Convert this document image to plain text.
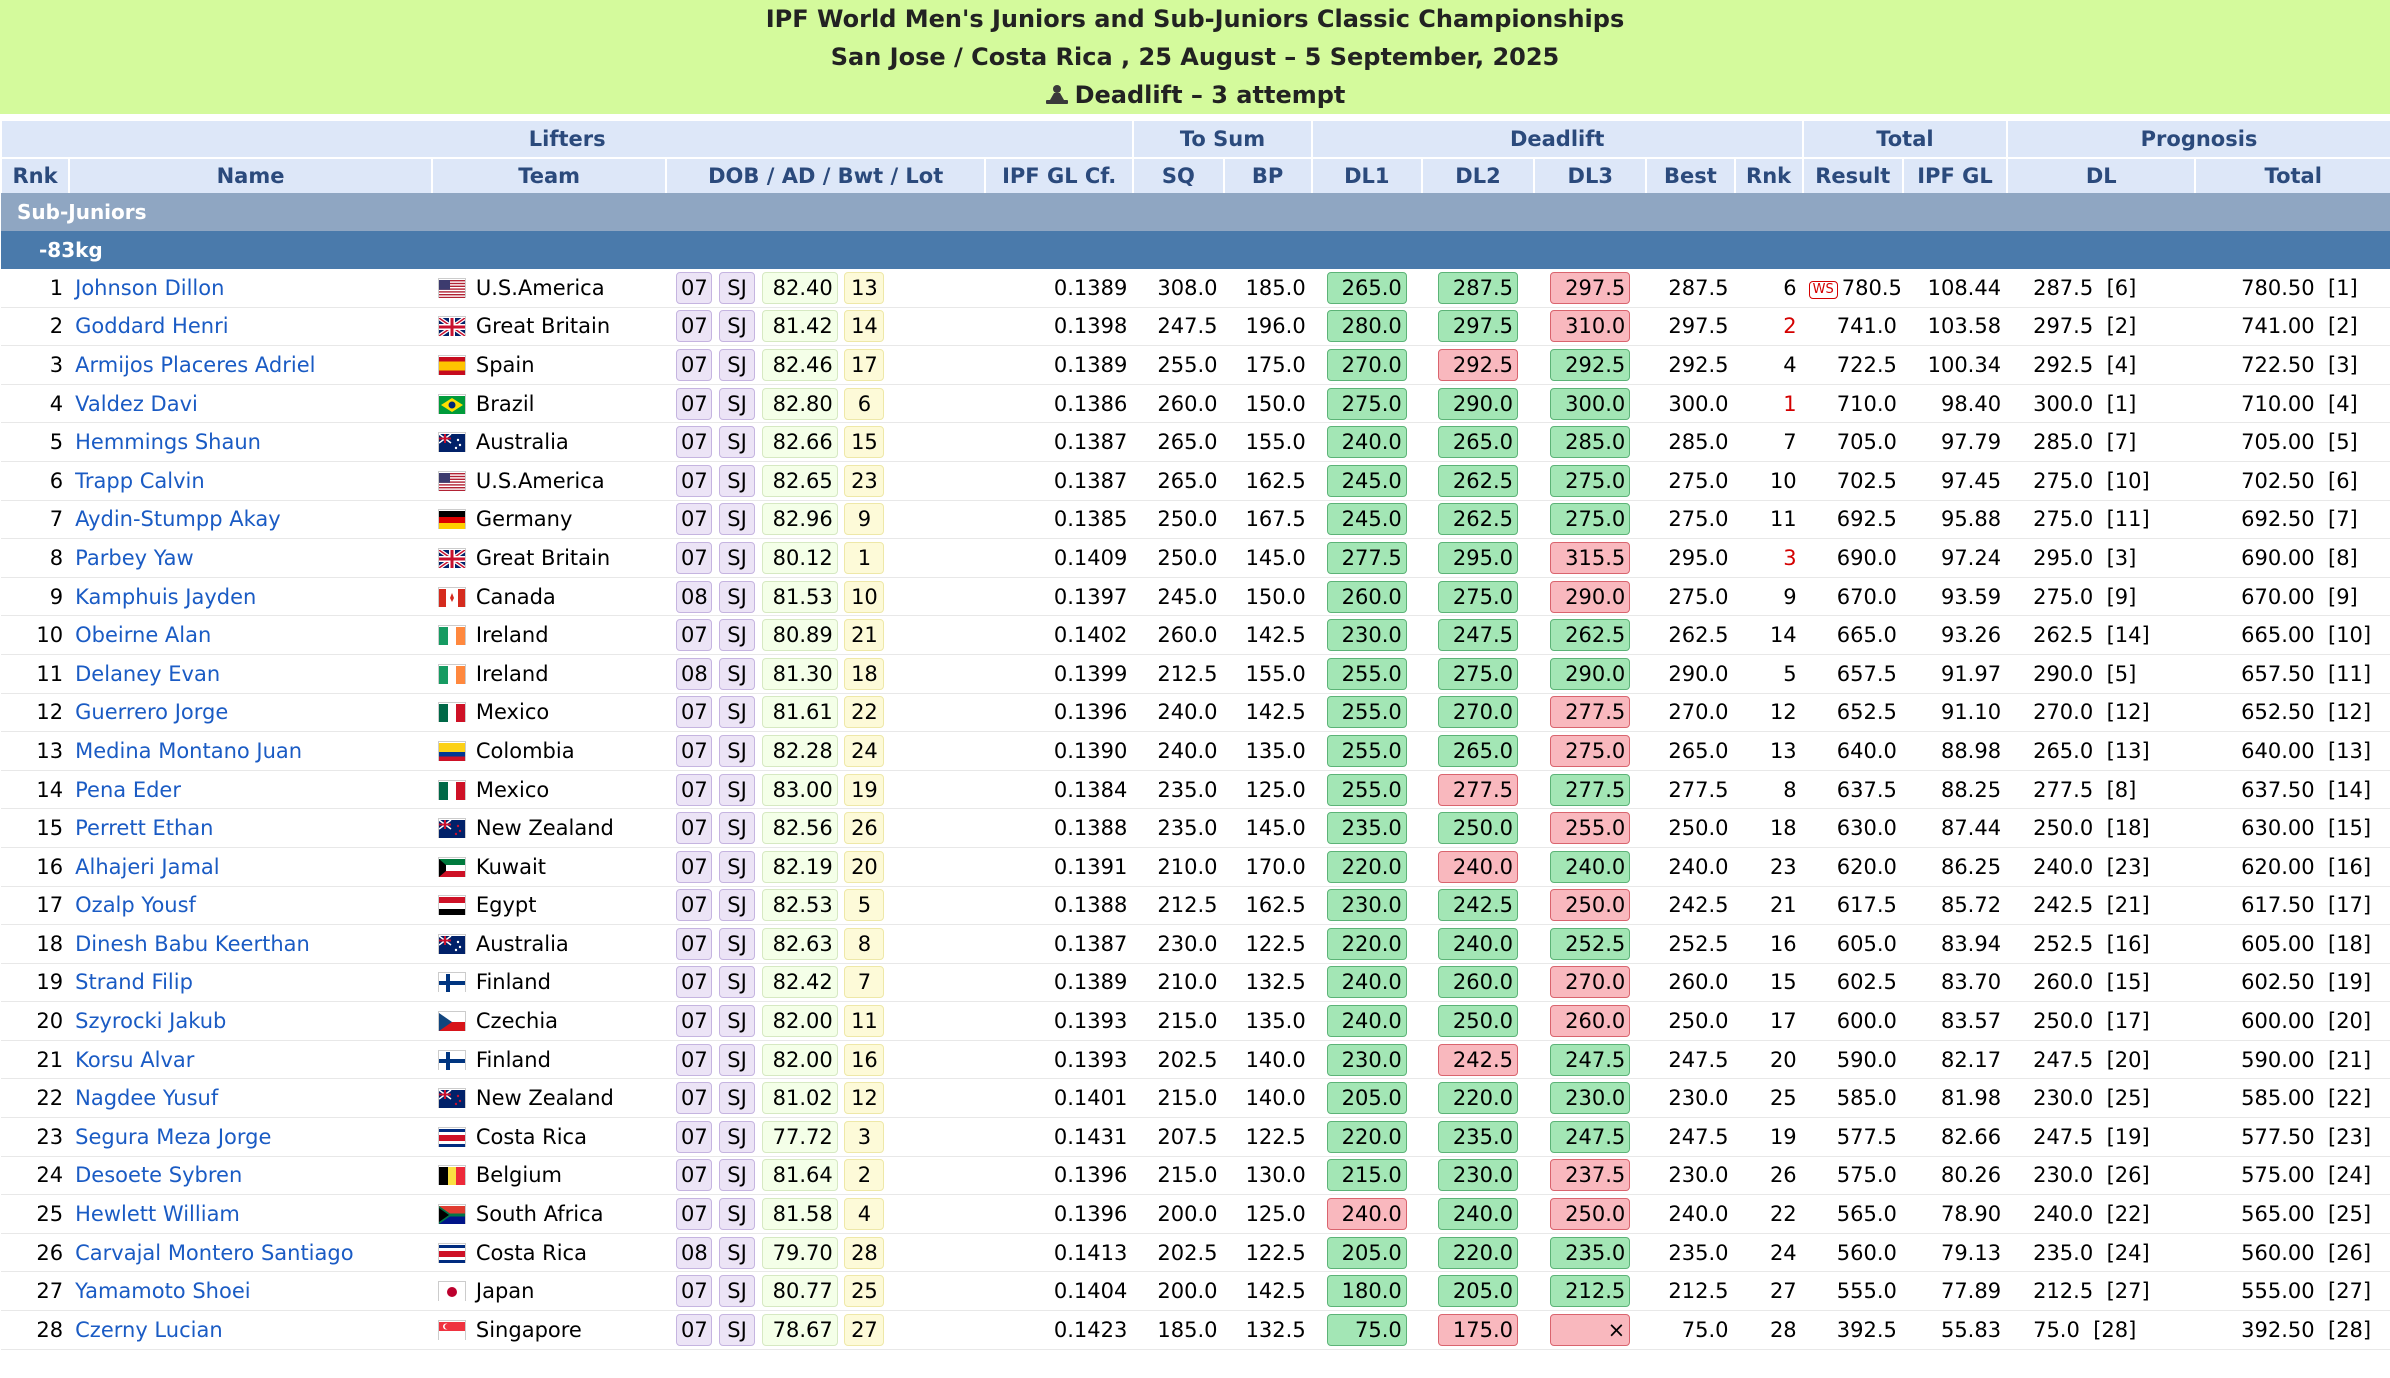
IPF World Men's Juniors and Sub-Juniors Classic Championships
San Jose / Costa Rica , 25 August – 5 September, 2025
Deadlift – 3 attempt
Lifters					To Sum		Deadlift					Total		Prognosis	
Rnk	Name	Team	DOB / AD / Bwt / Lot	IPF GL Cf.	SQ	BP	DL1	DL2	DL3	Best	Rnk	Result	IPF GL	DL	Total
Sub-Juniors															
-83kg															
1	Johnson Dillon	U.S.America	07 SJ 82.40 13	0.1389	308.0	185.0	265.0	287.5	297.5	287.5	6	WS 780.5	108.44	287.5 [6]	780.50 [1]
2	Goddard Henri	Great Britain	07 SJ 81.42 14	0.1398	247.5	196.0	280.0	297.5	310.0	297.5	2	741.0	103.58	297.5 [2]	741.00 [2]
3	Armijos Placeres Adriel	Spain	07 SJ 82.46 17	0.1389	255.0	175.0	270.0	292.5	292.5	292.5	4	722.5	100.34	292.5 [4]	722.50 [3]
4	Valdez Davi	Brazil	07 SJ 82.80 6	0.1386	260.0	150.0	275.0	290.0	300.0	300.0	1	710.0	98.40	300.0 [1]	710.00 [4]
5	Hemmings Shaun	Australia	07 SJ 82.66 15	0.1387	265.0	155.0	240.0	265.0	285.0	285.0	7	705.0	97.79	285.0 [7]	705.00 [5]
6	Trapp Calvin	U.S.America	07 SJ 82.65 23	0.1387	265.0	162.5	245.0	262.5	275.0	275.0	10	702.5	97.45	275.0 [10]	702.50 [6]
7	Aydin-Stumpp Akay	Germany	07 SJ 82.96 9	0.1385	250.0	167.5	245.0	262.5	275.0	275.0	11	692.5	95.88	275.0 [11]	692.50 [7]
8	Parbey Yaw	Great Britain	07 SJ 80.12 1	0.1409	250.0	145.0	277.5	295.0	315.5	295.0	3	690.0	97.24	295.0 [3]	690.00 [8]
9	Kamphuis Jayden	Canada	08 SJ 81.53 10	0.1397	245.0	150.0	260.0	275.0	290.0	275.0	9	670.0	93.59	275.0 [9]	670.00 [9]
10	Obeirne Alan	Ireland	07 SJ 80.89 21	0.1402	260.0	142.5	230.0	247.5	262.5	262.5	14	665.0	93.26	262.5 [14]	665.00 [10]
11	Delaney Evan	Ireland	08 SJ 81.30 18	0.1399	212.5	155.0	255.0	275.0	290.0	290.0	5	657.5	91.97	290.0 [5]	657.50 [11]
12	Guerrero Jorge	Mexico	07 SJ 81.61 22	0.1396	240.0	142.5	255.0	270.0	277.5	270.0	12	652.5	91.10	270.0 [12]	652.50 [12]
13	Medina Montano Juan	Colombia	07 SJ 82.28 24	0.1390	240.0	135.0	255.0	265.0	275.0	265.0	13	640.0	88.98	265.0 [13]	640.00 [13]
14	Pena Eder	Mexico	07 SJ 83.00 19	0.1384	235.0	125.0	255.0	277.5	277.5	277.5	8	637.5	88.25	277.5 [8]	637.50 [14]
15	Perrett Ethan	New Zealand	07 SJ 82.56 26	0.1388	235.0	145.0	235.0	250.0	255.0	250.0	18	630.0	87.44	250.0 [18]	630.00 [15]
16	Alhajeri Jamal	Kuwait	07 SJ 82.19 20	0.1391	210.0	170.0	220.0	240.0	240.0	240.0	23	620.0	86.25	240.0 [23]	620.00 [16]
17	Ozalp Yousf	Egypt	07 SJ 82.53 5	0.1388	212.5	162.5	230.0	242.5	250.0	242.5	21	617.5	85.72	242.5 [21]	617.50 [17]
18	Dinesh Babu Keerthan	Australia	07 SJ 82.63 8	0.1387	230.0	122.5	220.0	240.0	252.5	252.5	16	605.0	83.94	252.5 [16]	605.00 [18]
19	Strand Filip	Finland	07 SJ 82.42 7	0.1389	210.0	132.5	240.0	260.0	270.0	260.0	15	602.5	83.70	260.0 [15]	602.50 [19]
20	Szyrocki Jakub	Czechia	07 SJ 82.00 11	0.1393	215.0	135.0	240.0	250.0	260.0	250.0	17	600.0	83.57	250.0 [17]	600.00 [20]
21	Korsu Alvar	Finland	07 SJ 82.00 16	0.1393	202.5	140.0	230.0	242.5	247.5	247.5	20	590.0	82.17	247.5 [20]	590.00 [21]
22	Nagdee Yusuf	New Zealand	07 SJ 81.02 12	0.1401	215.0	140.0	205.0	220.0	230.0	230.0	25	585.0	81.98	230.0 [25]	585.00 [22]
23	Segura Meza Jorge	Costa Rica	07 SJ 77.72 3	0.1431	207.5	122.5	220.0	235.0	247.5	247.5	19	577.5	82.66	247.5 [19]	577.50 [23]
24	Desoete Sybren	Belgium	07 SJ 81.64 2	0.1396	215.0	130.0	215.0	230.0	237.5	230.0	26	575.0	80.26	230.0 [26]	575.00 [24]
25	Hewlett William	South Africa	07 SJ 81.58 4	0.1396	200.0	125.0	240.0	240.0	250.0	240.0	22	565.0	78.90	240.0 [22]	565.00 [25]
26	Carvajal Montero Santiago	Costa Rica	08 SJ 79.70 28	0.1413	202.5	122.5	205.0	220.0	235.0	235.0	24	560.0	79.13	235.0 [24]	560.00 [26]
27	Yamamoto Shoei	Japan	07 SJ 80.77 25	0.1404	200.0	142.5	180.0	205.0	212.5	212.5	27	555.0	77.89	212.5 [27]	555.00 [27]
28	Czerny Lucian	Singapore	07 SJ 78.67 27	0.1423	185.0	132.5	75.0	175.0	×	75.0	28	392.5	55.83	75.0 [28]	392.50 [28]
